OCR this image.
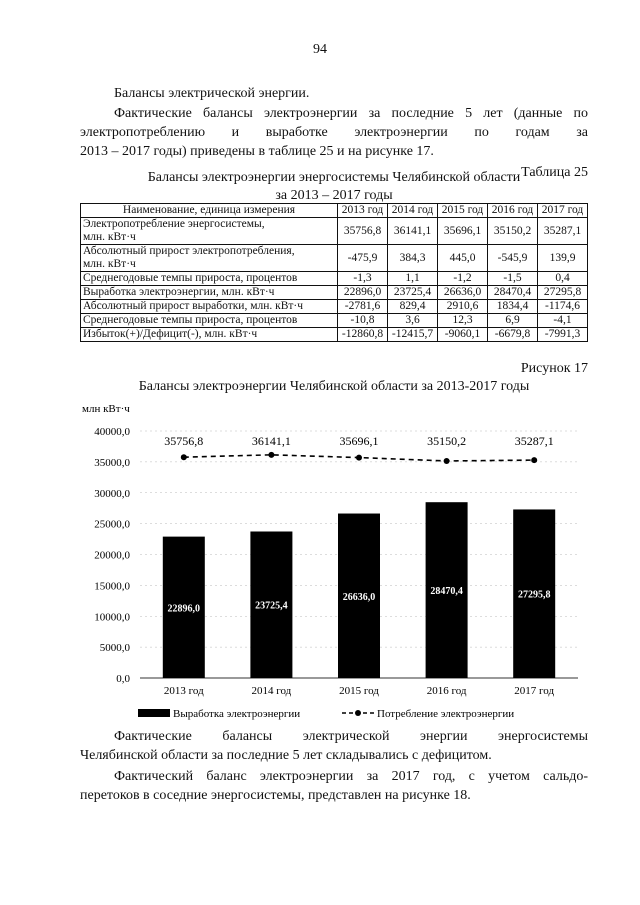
94
Балансы электрической энергии.
Фактические балансы электроэнергии за последние 5 лет (данные по
электропотреблению и выработке электроэнергии по годам за
2013 – 2017 годы) приведены в таблице 25 и на рисунке 17.
Таблица 25
Балансы электроэнергии энергосистемы Челябинской области
за 2013 – 2017 годы
Наименование, единица измерения	2013 год	2014 год	2015 год	2016 год	2017 год
Электропотребление энергосистемы,
млн. кВт·ч	35756,8	36141,1	35696,1	35150,2	35287,1
Абсолютный прирост электропотребления,
млн. кВт·ч	-475,9	384,3	445,0	-545,9	139,9
Среднегодовые темпы прироста, процентов	-1,3	1,1	-1,2	-1,5	0,4
Выработка электроэнергии, млн. кВт·ч	22896,0	23725,4	26636,0	28470,4	27295,8
Абсолютный прирост выработки, млн. кВт·ч	-2781,6	829,4	2910,6	1834,4	-1174,6
Среднегодовые темпы прироста, процентов	-10,8	3,6	12,3	6,9	-4,1
Избыток(+)/Дефицит(-), млн. кВт·ч	-12860,8	-12415,7	-9060,1	-6679,8	-7991,3
Рисунок 17
Балансы электроэнергии Челябинской области за 2013-2017 годы
млн кВт·ч
0,0
5000,0
10000,0
15000,0
20000,0
25000,0
30000,0
35000,0
40000,0
22896,0	23725,4
26636,0
28470,4	27295,8
35756,8	36141,1	35696,1	35150,2	35287,1
2013 год	2014 год	2015 год	2016 год	2017 год
Выработка электроэнергии	Потребление электроэнергии
Фактические балансы электрической энергии энергосистемы
Челябинской области за последние 5 лет складывались с дефицитом.
Фактический баланс электроэнергии за 2017 год, с учетом сальдо-
перетоков в соседние энергосистемы, представлен на рисунке 18.
